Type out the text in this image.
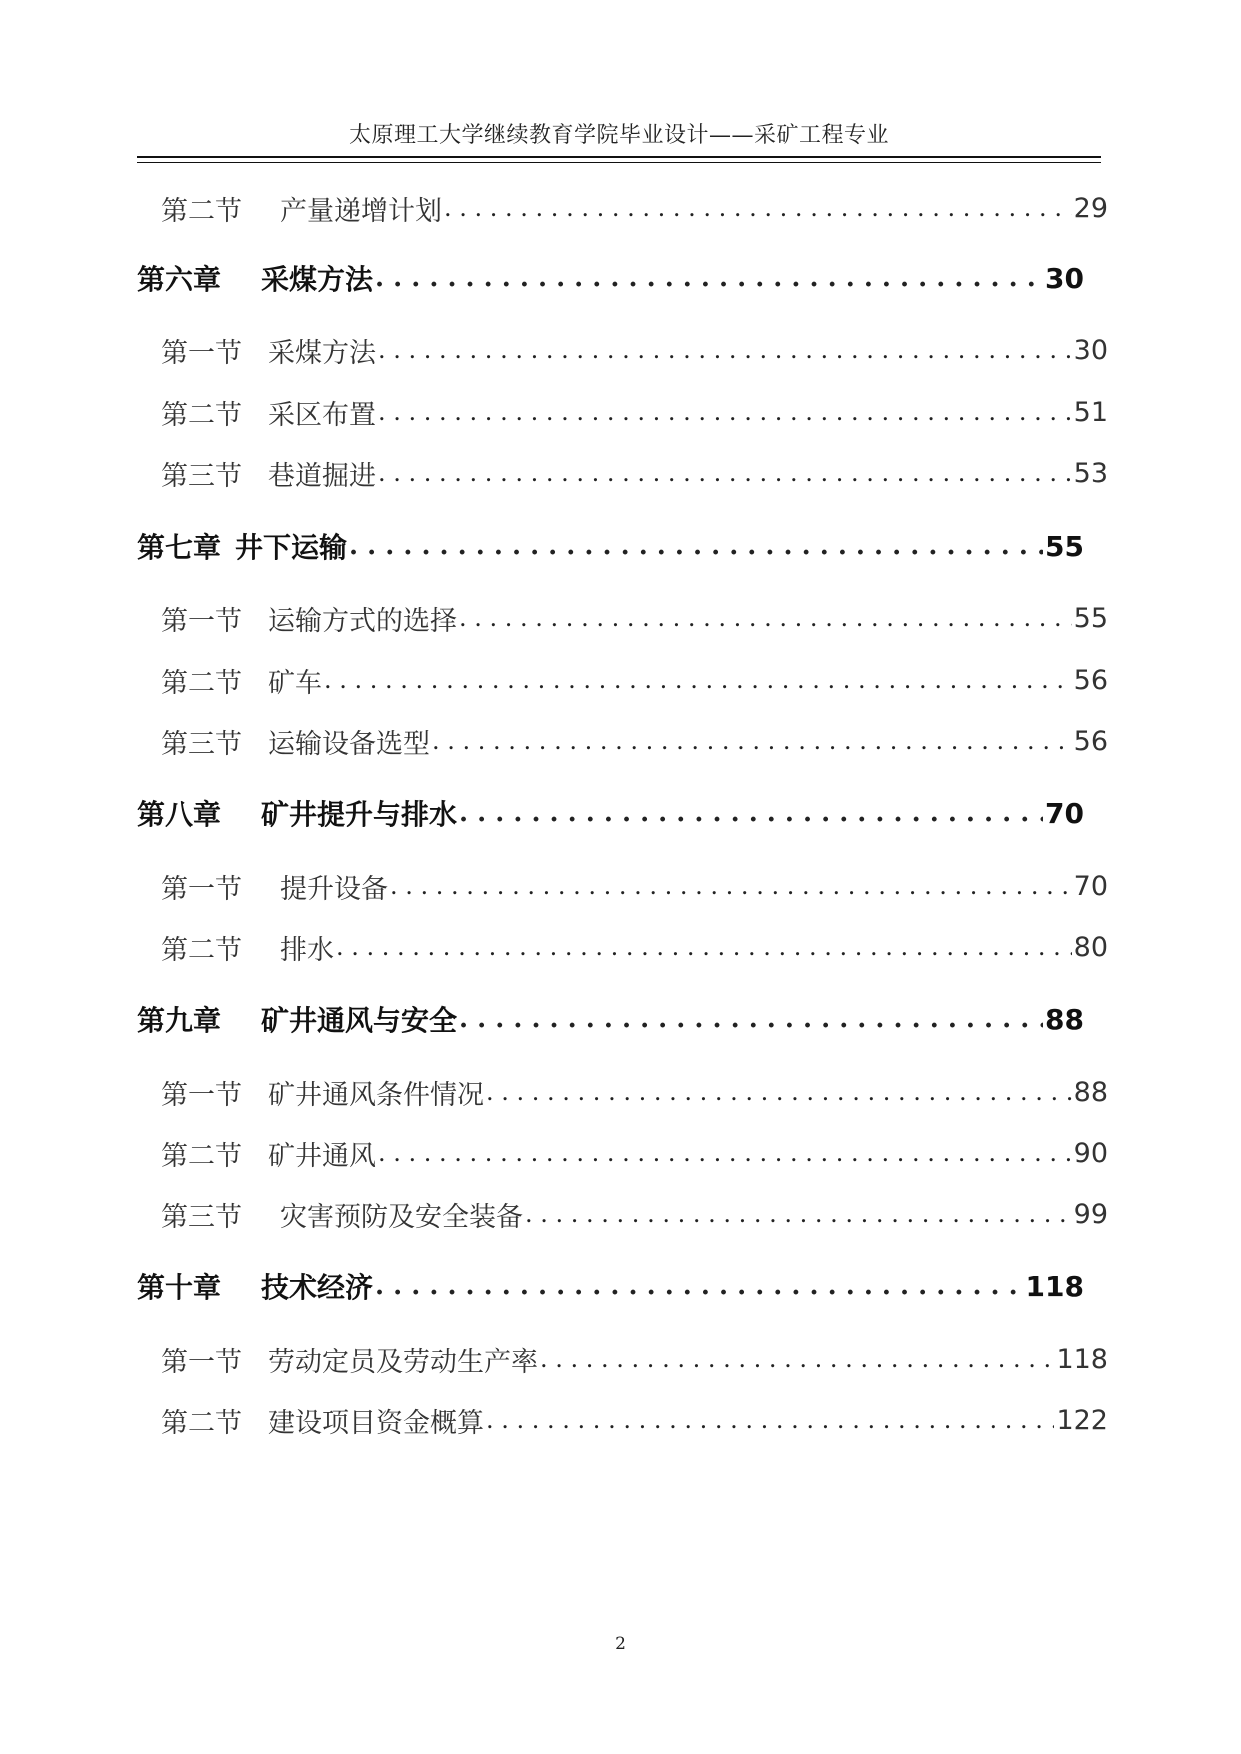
太原理工大学继续教育学院毕业设计——采矿工程专业
第二节 产量递增计划 . . .	29
第六章 采煤方法 . . .	30
第一节 采煤方法 . . .	30
第二节 采区布置 . . .	51
第三节 巷道掘进 . . .	53
第七章 井下运输 . . .	55
第一节 运输方式的选择 . . .	55
第二节 矿车 . . .	56
第三节 运输设备选型 . . .	56
第八章 矿井提升与排水 . . .	70
第一节 提升设备 . . .	70
第二节 排水 . . .	80
第九章 矿井通风与安全 . . .	88
第一节 矿井通风条件情况 . . .	88
第二节 矿井通风 . . .	90
第三节 灾害预防及安全装备 . . .	99
第十章 技术经济 . . .	118
第一节 劳动定员及劳动生产率 . . .	118
第二节 建设项目资金概算 . . .	122
2
